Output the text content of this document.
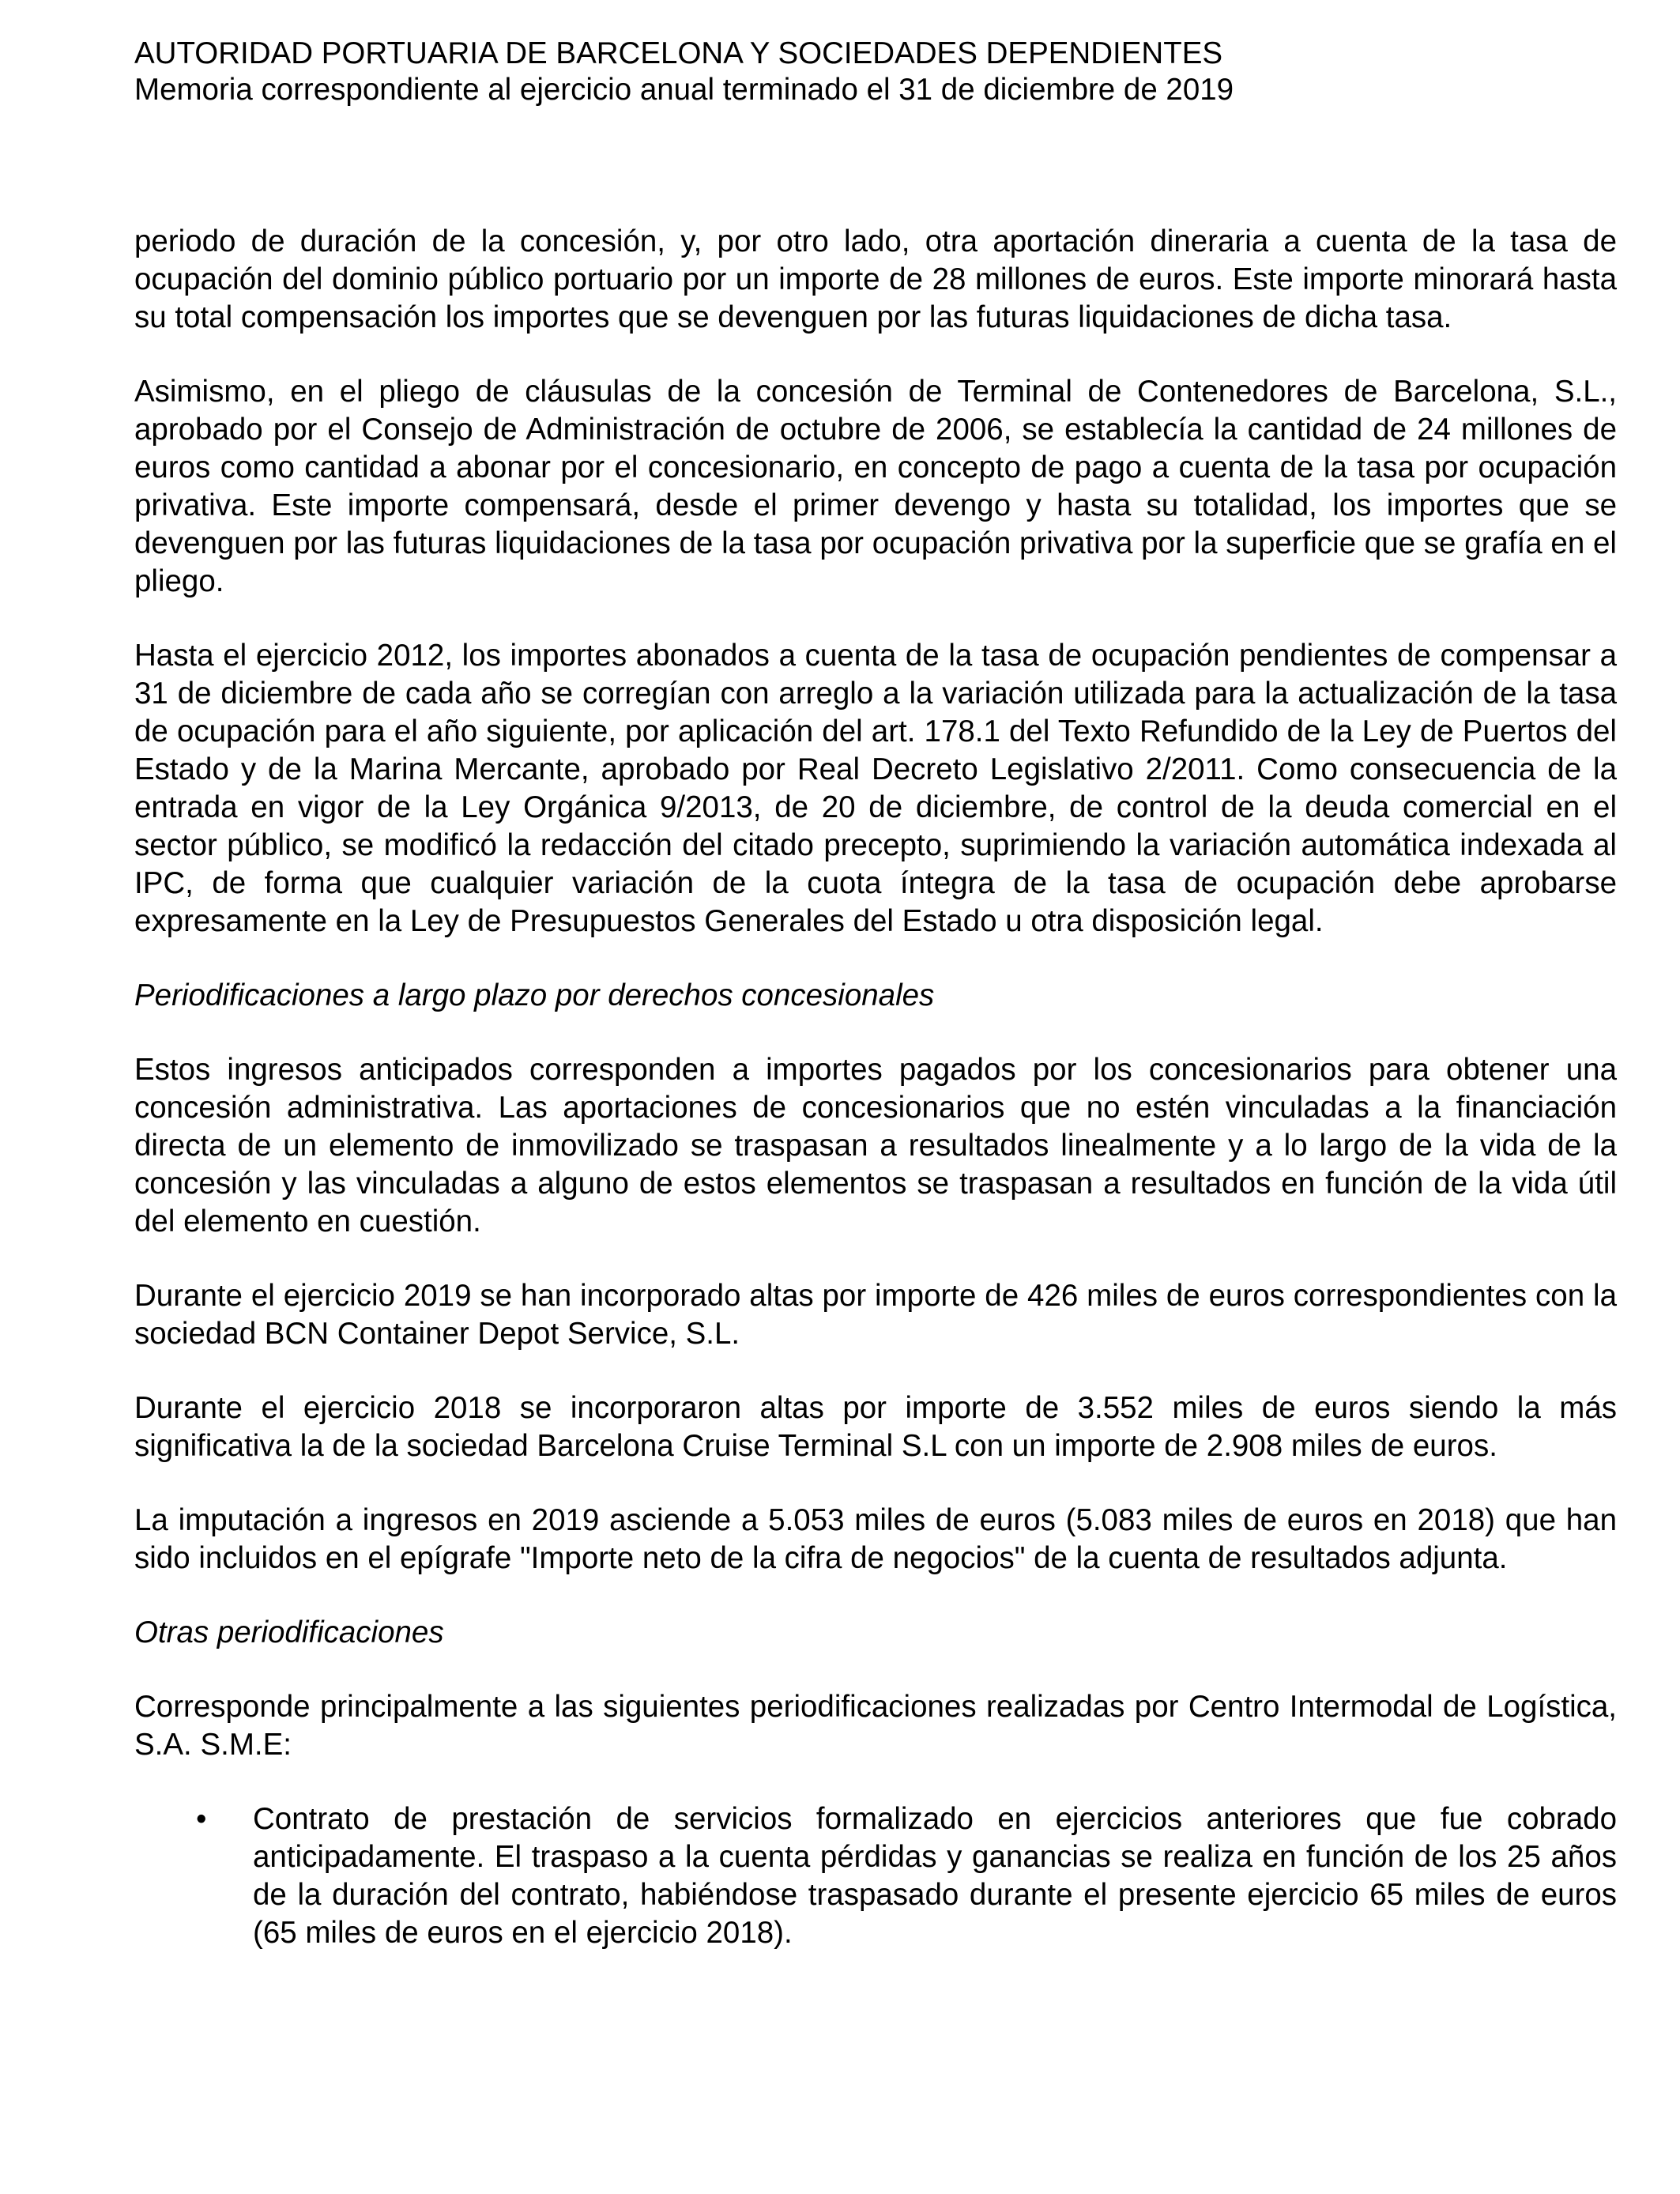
AUTORIDAD PORTUARIA DE BARCELONA Y SOCIEDADES DEPENDIENTES

Memoria correspondiente al ejercicio anual terminado el 31 de diciembre de 2019

periodo de duración de la concesión, y, por otro lado, otra aportación dineraria a cuenta de la tasa de ocupación del dominio público portuario por un importe de 28 millones de euros. Este importe minorará hasta su total compensación los importes que se devenguen por las futuras liquidaciones de dicha tasa.

Asimismo, en el pliego de cláusulas de la concesión de Terminal de Contenedores de Barcelona, S.L., aprobado por el Consejo de Administración de octubre de 2006, se establecía la cantidad de 24 millones de euros como cantidad a abonar por el concesionario, en concepto de pago a cuenta de la tasa por ocupación privativa. Este importe compensará, desde el primer devengo y hasta su totalidad, los importes que se devenguen por las futuras liquidaciones de la tasa por ocupación privativa por la superficie que se grafía en el pliego.

Hasta el ejercicio 2012, los importes abonados a cuenta de la tasa de ocupación pendientes de compensar a 31 de diciembre de cada año se corregían con arreglo a la variación utilizada para la actualización de la tasa de ocupación para el año siguiente, por aplicación del art. 178.1 del Texto Refundido de la Ley de Puertos del Estado y de la Marina Mercante, aprobado por Real Decreto Legislativo 2/2011. Como consecuencia de la entrada en vigor de la Ley Orgánica 9/2013, de 20 de diciembre, de control de la deuda comercial en el sector público, se modificó la redacción del citado precepto, suprimiendo la variación automática indexada al IPC, de forma que cualquier variación de la cuota íntegra de la tasa de ocupación debe aprobarse expresamente en la Ley de Presupuestos Generales del Estado u otra disposición legal.

Periodificaciones a largo plazo por derechos concesionales

Estos ingresos anticipados corresponden a importes pagados por los concesionarios para obtener una concesión administrativa. Las aportaciones de concesionarios que no estén vinculadas a la financiación directa de un elemento de inmovilizado se traspasan a resultados linealmente y a lo largo de la vida de la concesión y las vinculadas a alguno de estos elementos se traspasan a resultados en función de la vida útil del elemento en cuestión.

Durante el ejercicio 2019 se han incorporado altas por importe de 426 miles de euros correspondientes con la sociedad BCN Container Depot Service, S.L.

Durante el ejercicio 2018 se incorporaron altas por importe de 3.552 miles de euros siendo la más significativa la de la sociedad Barcelona Cruise Terminal S.L con un importe de 2.908 miles de euros.

La imputación a ingresos en 2019 asciende a 5.053 miles de euros (5.083 miles de euros en 2018) que han sido incluidos en el epígrafe "Importe neto de la cifra de negocios" de la cuenta de resultados adjunta.

Otras periodificaciones

Corresponde principalmente a las siguientes periodificaciones realizadas por Centro Intermodal de Logística, S.A. S.M.E:

• Contrato de prestación de servicios formalizado en ejercicios anteriores que fue cobrado anticipadamente. El traspaso a la cuenta pérdidas y ganancias se realiza en función de los 25 años de la duración del contrato, habiéndose traspasado durante el presente ejercicio 65 miles de euros (65 miles de euros en el ejercicio 2018).
